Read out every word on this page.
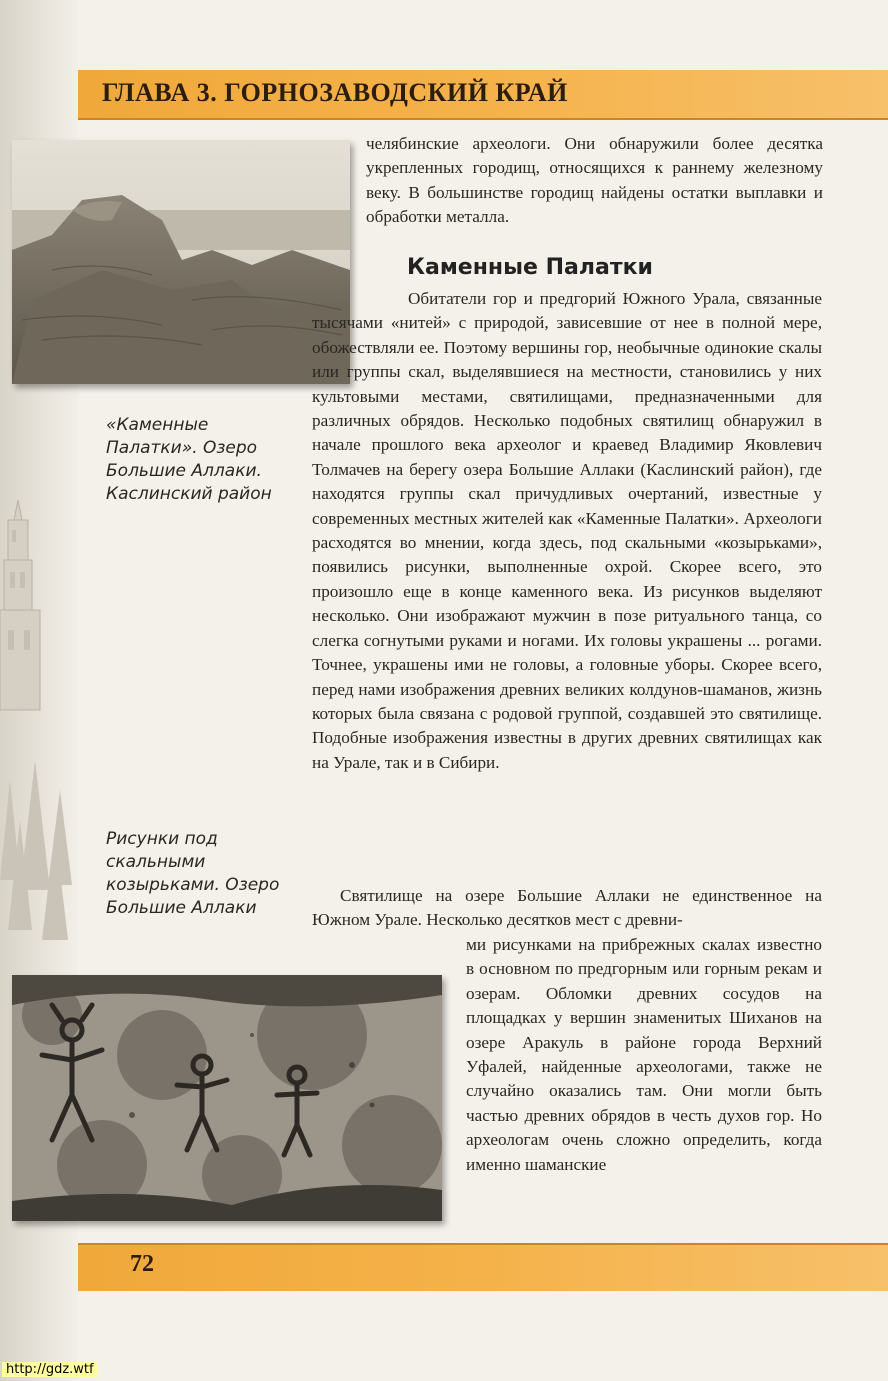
ГЛАВА 3. ГОРНОЗАВОДСКИЙ КРАЙ
«Каменные Палатки». Озеро Большие Аллаки. Каслинский район
челябинские археологи. Они обнаружили более десятка укрепленных городищ, относящихся к раннему железному веку. В большинстве городищ найдены остатки выплавки и обработки металла.
Каменные Палатки
Обитатели гор и предгорий Южного Урала, связанные тысячами «нитей» с природой, зависевшие от нее в полной мере, обожествляли ее. Поэтому вершины гор, необычные одинокие скалы или группы скал, выделявшиеся на местности, становились у них культовыми местами, святилищами, предназначенными для различных обрядов. Несколько подобных святилищ обнаружил в начале прошлого века археолог и краевед Владимир Яковлевич Толмачев на берегу озера Большие Аллаки (Каслинский район), где находятся группы скал причудливых очертаний, известные у современных местных жителей как «Каменные Палатки». Археологи расходятся во мнении, когда здесь, под скальными «козырьками», появились рисунки, выполненные охрой. Скорее всего, это произошло еще в конце каменного века. Из рисунков выделяют несколько. Они изображают мужчин в позе ритуального танца, со слегка согнутыми руками и ногами. Их головы украшены ... рогами. Точнее, украшены ими не головы, а головные уборы. Скорее всего, перед нами изображения древних великих колдунов-шаманов, жизнь которых была связана с родовой группой, создавшей это святилище. Подобные изображения известны в других древних святилищах как на Урале, так и в Сибири.
Рисунки под скальными козырьками. Озеро Большие Аллаки
Святилище на озере Большие Аллаки не единственное на Южном Урале. Несколько десятков мест с древни-
ми рисунками на прибрежных скалах известно в основном по предгорным или горным рекам и озерам. Обломки древних сосудов на площадках у вершин знаменитых Шиханов на озере Аракуль в районе города Верхний Уфалей, найденные археологами, также не случайно оказались там. Они могли быть частью древних обрядов в честь духов гор. Но археологам очень сложно определить, когда именно шаманские
72
http://gdz.wtf
